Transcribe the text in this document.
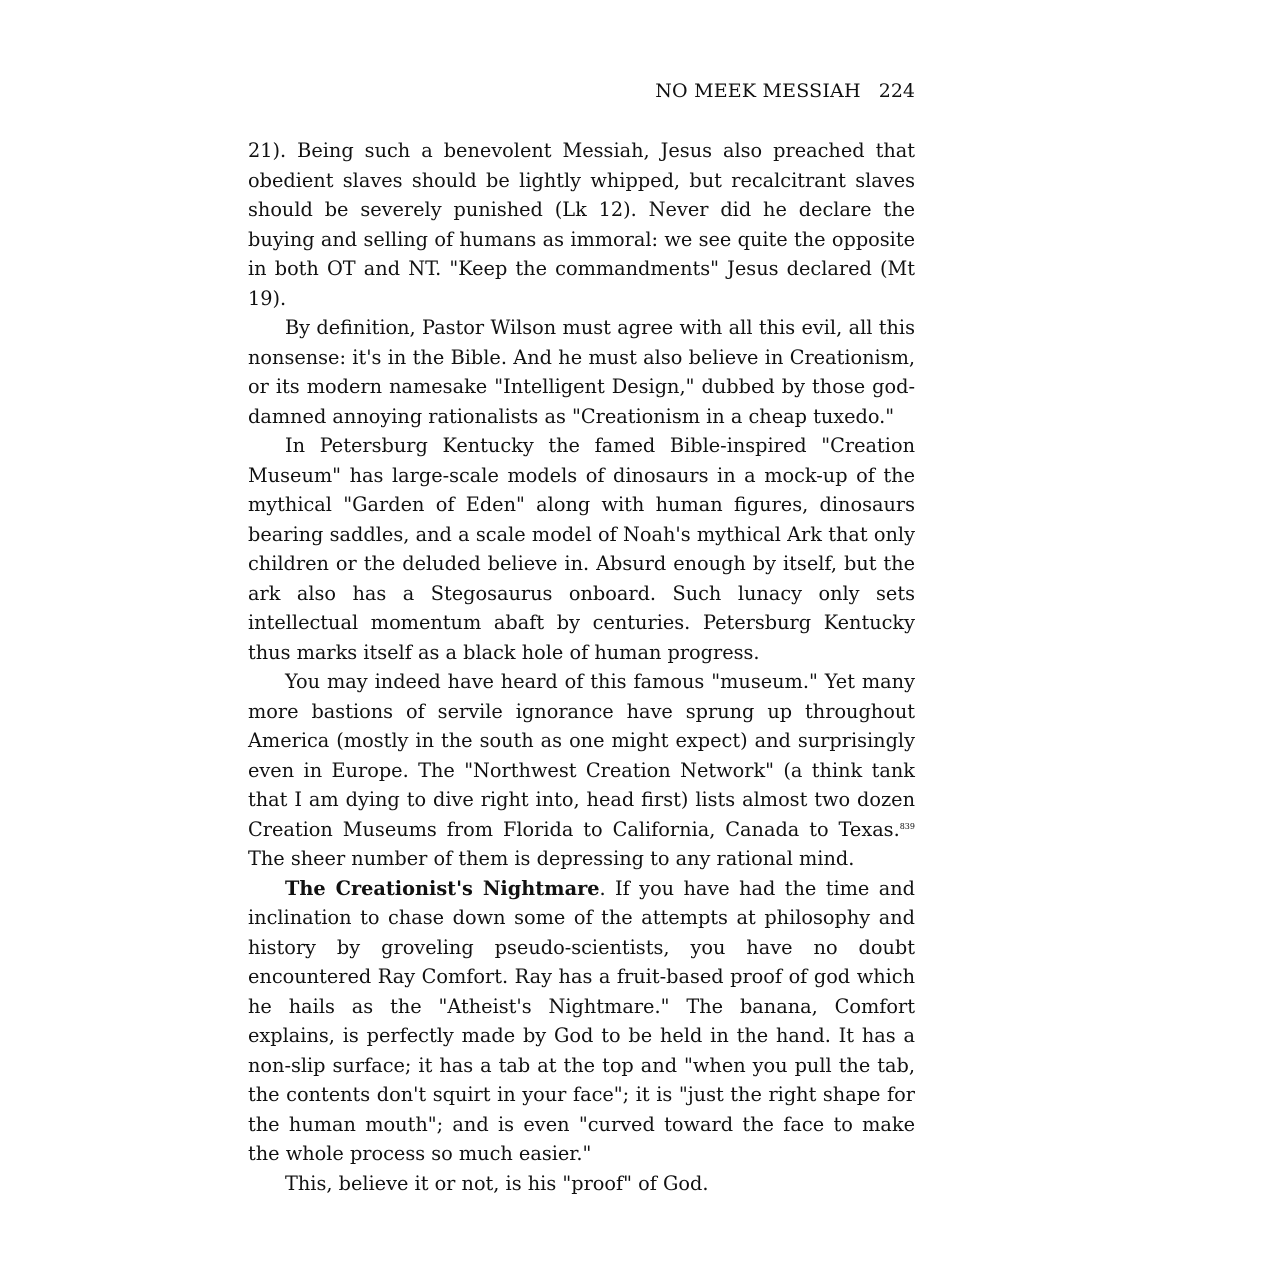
NO MEEK MESSIAH 224

21). Being such a benevolent Messiah, Jesus also preached that obedient slaves should be lightly whipped, but recalcitrant slaves should be severely punished (Lk 12). Never did he declare the buying and selling of humans as immoral: we see quite the opposite in both OT and NT. "Keep the commandments" Jesus declared (Mt 19).

By definition, Pastor Wilson must agree with all this evil, all this nonsense: it's in the Bible. And he must also believe in Creationism, or its modern namesake "Intelligent Design," dubbed by those god-damned annoying rationalists as "Creationism in a cheap tuxedo."

In Petersburg Kentucky the famed Bible-inspired "Creation Museum" has large-scale models of dinosaurs in a mock-up of the mythical "Garden of Eden" along with human figures, dinosaurs bearing saddles, and a scale model of Noah's mythical Ark that only children or the deluded believe in. Absurd enough by itself, but the ark also has a Stegosaurus onboard. Such lunacy only sets intellectual momentum abaft by centuries. Petersburg Kentucky thus marks itself as a black hole of human progress.

You may indeed have heard of this famous "museum." Yet many more bastions of servile ignorance have sprung up throughout America (mostly in the south as one might expect) and surprisingly even in Europe. The "Northwest Creation Network" (a think tank that I am dying to dive right into, head first) lists almost two dozen Creation Museums from Florida to California, Canada to Texas.$^{839}$ The sheer number of them is depressing to any rational mind.

The Creationist's Nightmare. If you have had the time and inclination to chase down some of the attempts at philosophy and history by groveling pseudo-scientists, you have no doubt encountered Ray Comfort. Ray has a fruit-based proof of god which he hails as the "Atheist's Nightmare." The banana, Comfort explains, is perfectly made by God to be held in the hand. It has a non-slip surface; it has a tab at the top and "when you pull the tab, the contents don't squirt in your face"; it is "just the right shape for the human mouth"; and is even "curved toward the face to make the whole process so much easier."

This, believe it or not, is his "proof" of God.
